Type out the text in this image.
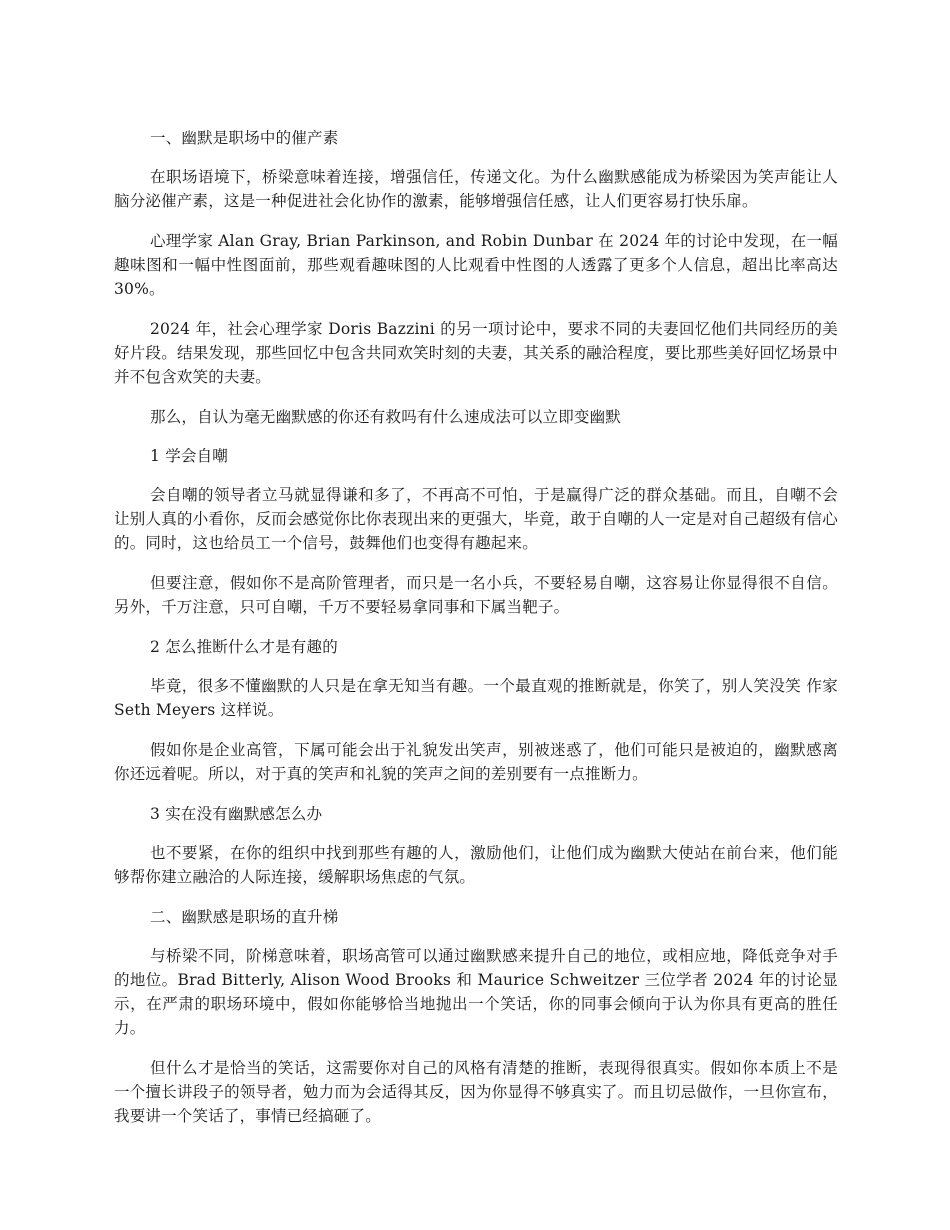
一、幽默是职场中的催产素

在职场语境下，桥梁意味着连接，增强信任，传递文化。为什么幽默感能成为桥梁因为笑声能让人脑分泌催产素，这是一种促进社会化协作的激素，能够增强信任感，让人们更容易打快乐扉。

心理学家 Alan Gray, Brian Parkinson, and Robin Dunbar 在 2024 年的讨论中发现，在一幅趣味图和一幅中性图面前，那些观看趣味图的人比观看中性图的人透露了更多个人信息，超出比率高达 30%。

2024 年，社会心理学家 Doris Bazzini 的另一项讨论中，要求不同的夫妻回忆他们共同经历的美好片段。结果发现，那些回忆中包含共同欢笑时刻的夫妻，其关系的融洽程度，要比那些美好回忆场景中并不包含欢笑的夫妻。

那么，自认为毫无幽默感的你还有救吗有什么速成法可以立即变幽默

1 学会自嘲

会自嘲的领导者立马就显得谦和多了，不再高不可怕，于是赢得广泛的群众基础。而且，自嘲不会让别人真的小看你，反而会感觉你比你表现出来的更强大，毕竟，敢于自嘲的人一定是对自己超级有信心的。同时，这也给员工一个信号，鼓舞他们也变得有趣起来。

但要注意，假如你不是高阶管理者，而只是一名小兵，不要轻易自嘲，这容易让你显得很不自信。另外，千万注意，只可自嘲，千万不要轻易拿同事和下属当靶子。

2 怎么推断什么才是有趣的

毕竟，很多不懂幽默的人只是在拿无知当有趣。一个最直观的推断就是，你笑了，别人笑没笑 作家 Seth Meyers 这样说。

假如你是企业高管，下属可能会出于礼貌发出笑声，别被迷惑了，他们可能只是被迫的，幽默感离你还远着呢。所以，对于真的笑声和礼貌的笑声之间的差别要有一点推断力。

3 实在没有幽默感怎么办

也不要紧，在你的组织中找到那些有趣的人，激励他们，让他们成为幽默大使站在前台来，他们能够帮你建立融洽的人际连接，缓解职场焦虑的气氛。

二、幽默感是职场的直升梯

与桥梁不同，阶梯意味着，职场高管可以通过幽默感来提升自己的地位，或相应地，降低竞争对手的地位。Brad Bitterly, Alison Wood Brooks 和 Maurice Schweitzer 三位学者 2024 年的讨论显示，在严肃的职场环境中，假如你能够恰当地抛出一个笑话，你的同事会倾向于认为你具有更高的胜任力。

但什么才是恰当的笑话，这需要你对自己的风格有清楚的推断，表现得很真实。假如你本质上不是一个擅长讲段子的领导者，勉力而为会适得其反，因为你显得不够真实了。而且切忌做作，一旦你宣布，我要讲一个笑话了，事情已经搞砸了。
